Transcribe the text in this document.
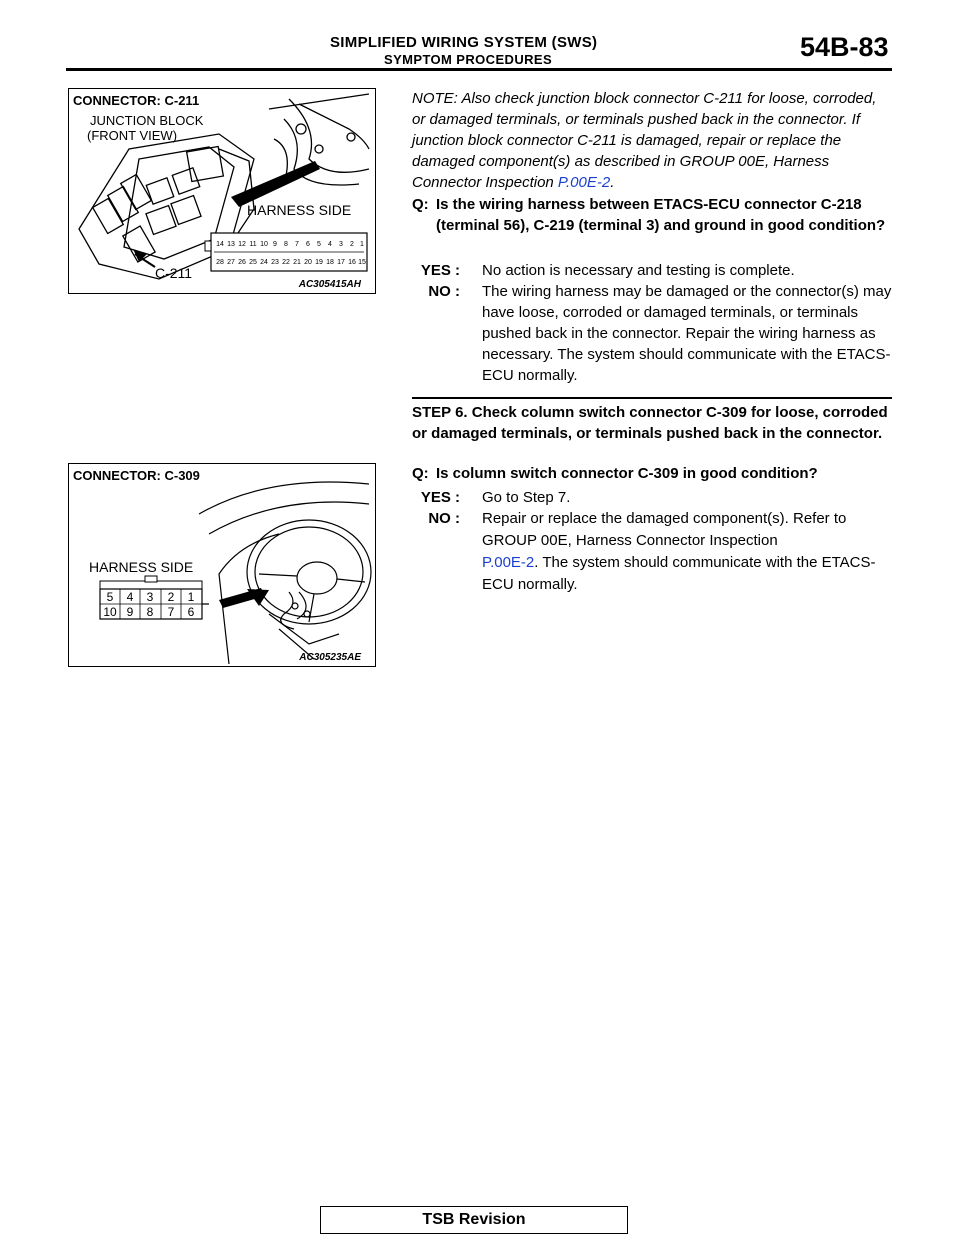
SIMPLIFIED WIRING SYSTEM (SWS)
SYMPTOM PROCEDURES	54B-83
14 13 12 11 10 9 8 7 6 5 4 3 2 1
28 27 26 25 24 23 22 21 20 19 18 17 16 15
CONNECTOR: C-211
JUNCTION BLOCK
(FRONT VIEW)
HARNESS SIDE
C-211
AC305415AH
5 4 3 2 1
10 9 8 7 6
CONNECTOR: C-309
HARNESS SIDE
AC305235AE
NOTE: Also check junction block connector C-211 for loose, corroded, or damaged terminals, or terminals pushed back in the connector. If junction block connector C-211 is damaged, repair or replace the damaged component(s) as described in GROUP 00E, Harness Connector Inspection P.00E-2.
Q: Is the wiring harness between ETACS-ECU connector C-218 (terminal 56), C-219 (terminal 3) and ground in good condition?
YES : No action is necessary and testing is complete.
NO : The wiring harness may be damaged or the connector(s) may have loose, corroded or damaged terminals, or terminals pushed back in the connector. Repair the wiring harness as necessary. The system should communicate with the ETACS-ECU normally.
STEP 6. Check column switch connector C-309 for loose, corroded or damaged terminals, or terminals pushed back in the connector.
Q: Is column switch connector C-309 in good condition?
YES : Go to Step 7.
NO : Repair or replace the damaged component(s). Refer to GROUP 00E, Harness Connector Inspection
P.00E-2. The system should communicate with the ETACS-ECU normally.
TSB Revision
